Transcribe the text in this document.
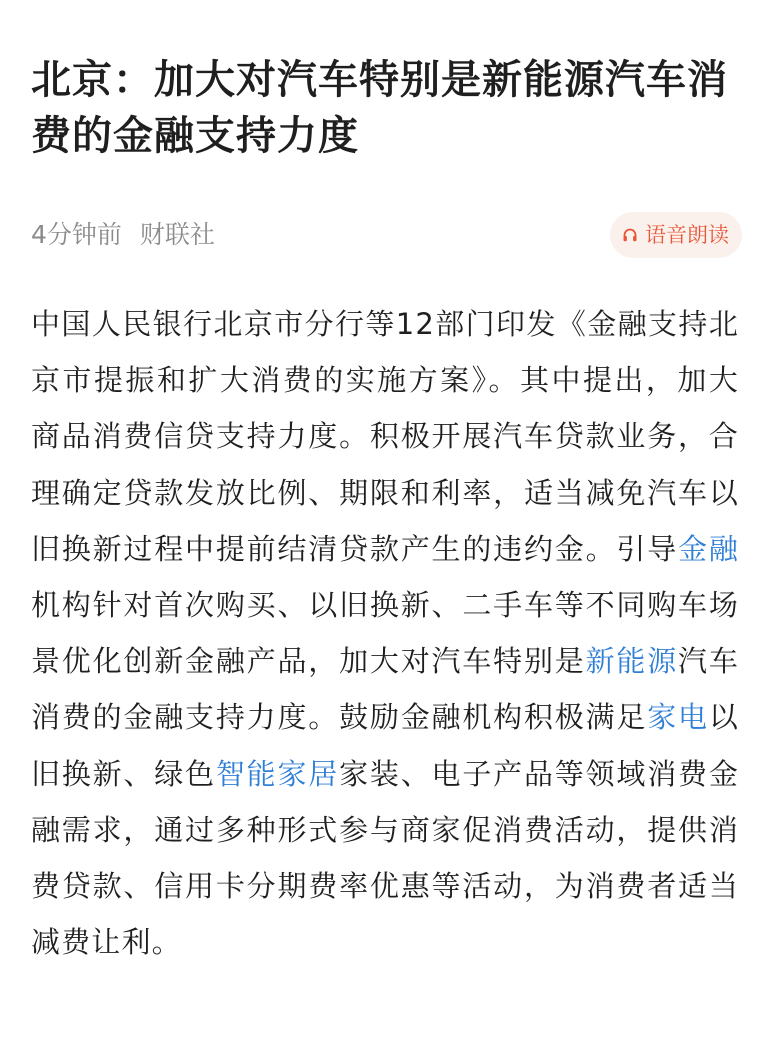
北京：加大对汽车特别是新能源汽车消费的金融支持力度
4分钟前 财联社	语音朗读

中国人民银行北京市分行等12部门印发《金融支持北京市提振和扩大消费的实施方案》。其中提出，加大商品消费信贷支持力度。积极开展汽车贷款业务，合理确定贷款发放比例、期限和利率，适当减免汽车以旧换新过程中提前结清贷款产生的违约金。引导金融机构针对首次购买、以旧换新、二手车等不同购车场景优化创新金融产品，加大对汽车特别是新能源汽车消费的金融支持力度。鼓励金融机构积极满足家电以旧换新、绿色智能家居家装、电子产品等领域消费金融需求，通过多种形式参与商家促消费活动，提供消费贷款、信用卡分期费率优惠等活动，为消费者适当减费让利。
